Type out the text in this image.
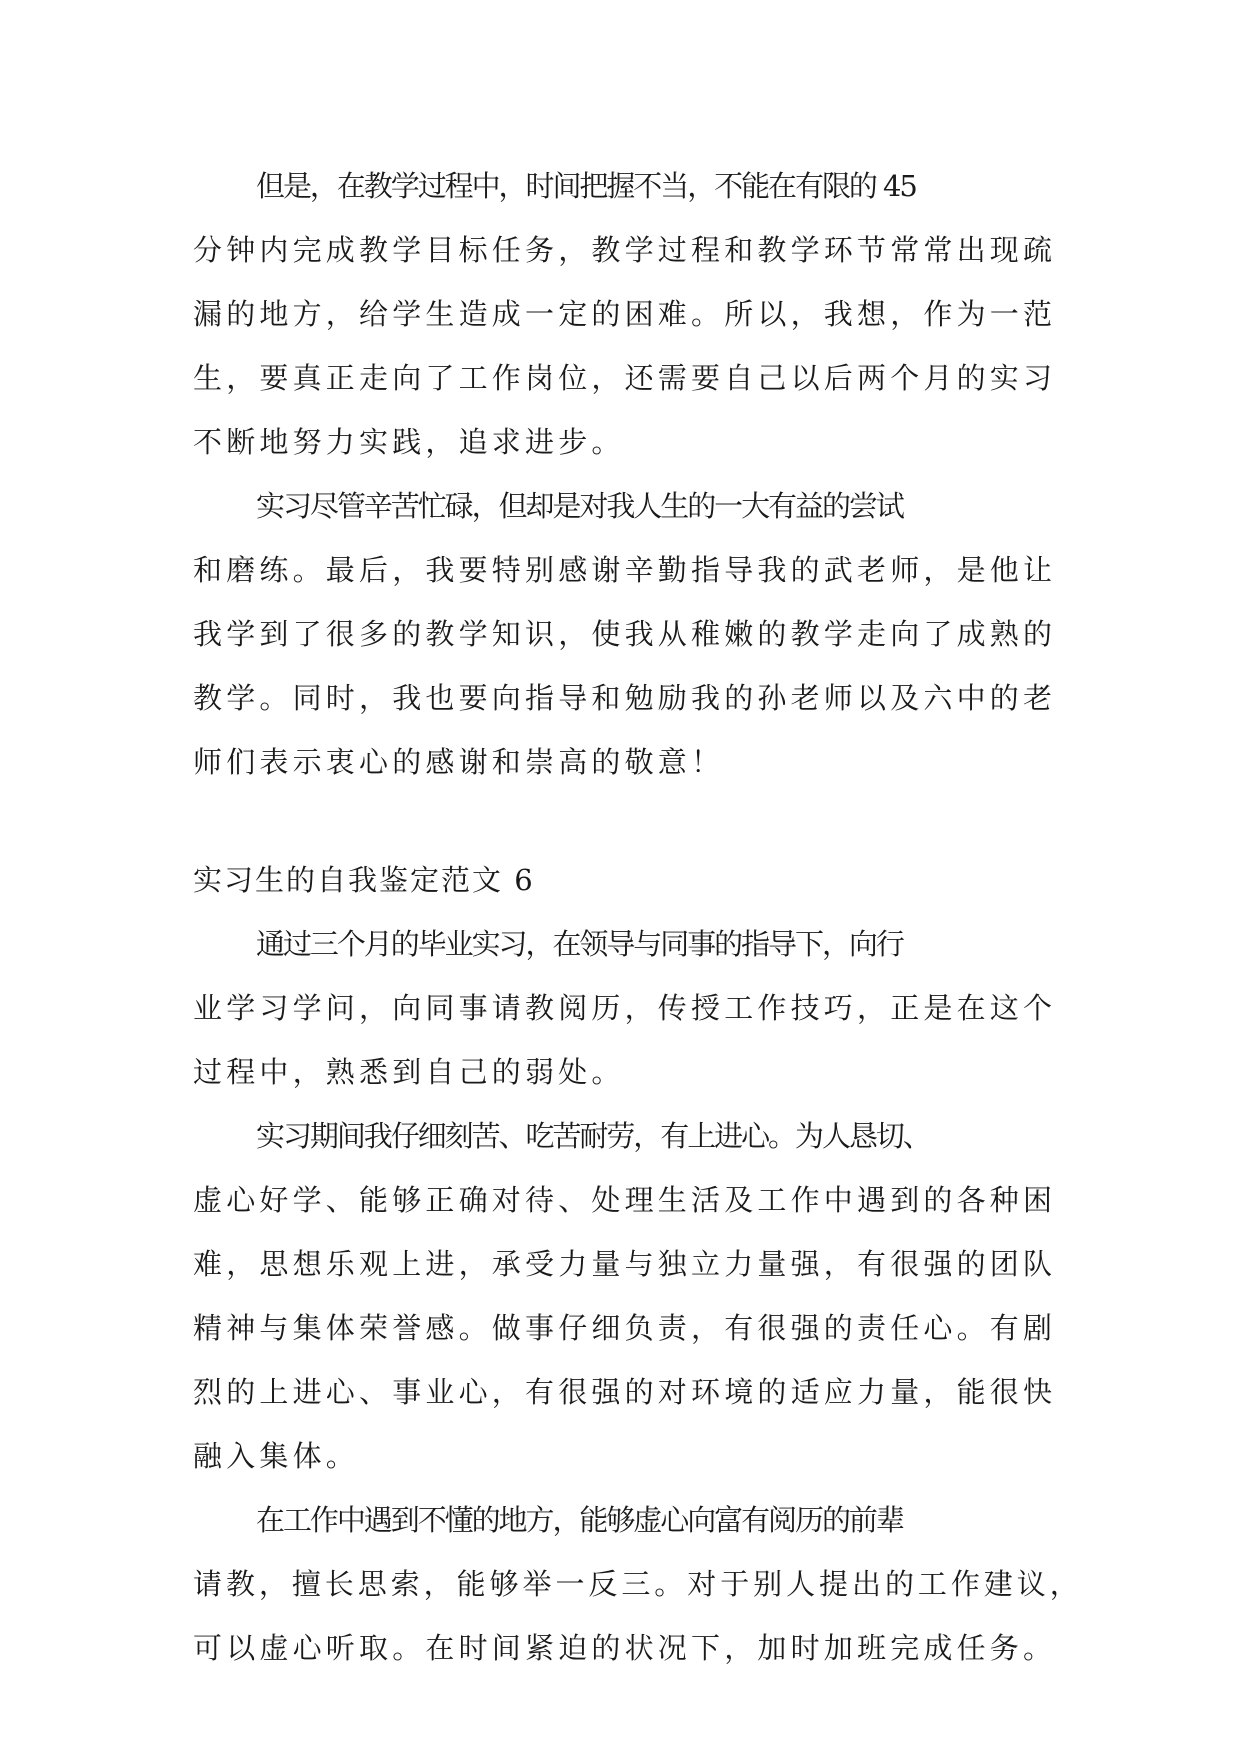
但是，在教学过程中，时间把握不当，不能在有限的 45
分钟内完成教学目标任务，教学过程和教学环节常常出现疏
漏的地方，给学生造成一定的困难。所以，我想，作为一范
生，要真正走向了工作岗位，还需要自己以后两个月的实习
不断地努力实践，追求进步。
实习尽管辛苦忙碌，但却是对我人生的一大有益的尝试
和磨练。最后，我要特别感谢辛勤指导我的武老师，是他让
我学到了很多的教学知识，使我从稚嫩的教学走向了成熟的
教学。同时，我也要向指导和勉励我的孙老师以及六中的老
师们表示衷心的感谢和崇高的敬意！
实习生的自我鉴定范文 6
通过三个月的毕业实习，在领导与同事的指导下，向行
业学习学问，向同事请教阅历，传授工作技巧，正是在这个
过程中，熟悉到自己的弱处。
实习期间我仔细刻苦、吃苦耐劳，有上进心。为人恳切、
虚心好学、能够正确对待、处理生活及工作中遇到的各种困
难，思想乐观上进，承受力量与独立力量强，有很强的团队
精神与集体荣誉感。做事仔细负责，有很强的责任心。有剧
烈的上进心、事业心，有很强的对环境的适应力量，能很快
融入集体。
在工作中遇到不懂的地方，能够虚心向富有阅历的前辈
请教，擅长思索，能够举一反三。对于别人提出的工作建议，
可以虚心听取。在时间紧迫的状况下，加时加班完成任务。
